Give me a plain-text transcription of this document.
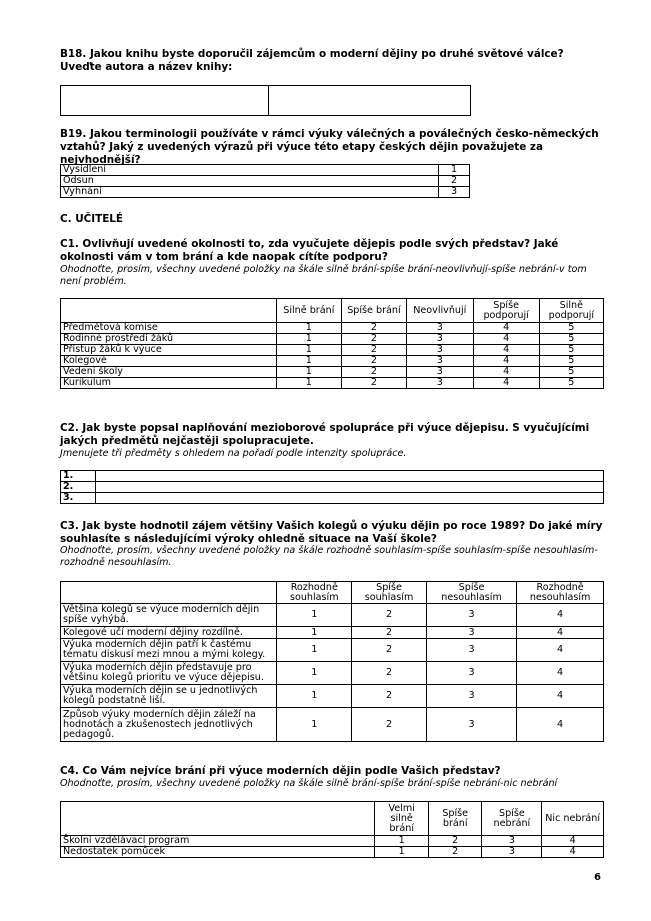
B18. Jakou knihu byste doporučil zájemcům o moderní dějiny po druhé světové válce? Uveďte autora a název knihy:

B19. Jakou terminologii používáte v rámci výuky válečných a poválečných česko-německých vztahů? Jaký z uvedených výrazů při výuce této etapy českých dějin považujete za nejvhodnější?
Vysídlení	1
Odsun	2
Vyhnání	3
C. UČITELÉ
C1. Ovlivňují uvedené okolnosti to, zda vyučujete dějepis podle svých představ? Jaké okolnosti vám v tom brání a kde naopak cítíte podporu?
Ohodnoťte, prosím, všechny uvedené položky na škále silně brání-spíše brání-neovlivňují-spíše nebrání-v tom není problém.
	Silně brání	Spíše brání	Neovlivňují	Spíše podporují	Silně podporují
Předmětová komise	1	2	3	4	5
Rodinné prostředí žáků	1	2	3	4	5
Přístup žáků k výuce	1	2	3	4	5
Kolegové	1	2	3	4	5
Vedení školy	1	2	3	4	5
Kurikulum	1	2	3	4	5
C2. Jak byste popsal naplňování mezioborové spolupráce při výuce dějepisu. S vyučujícími jakých předmětů nejčastěji spolupracujete.
Jmenujete tři předměty s ohledem na pořadí podle intenzity spolupráce.
1.	
2.	
3.	
C3. Jak byste hodnotil zájem většiny Vašich kolegů o výuku dějin po roce 1989? Do jaké míry souhlasíte s následujícími výroky ohledně situace na Vaší škole?
Ohodnoťte, prosím, všechny uvedené položky na škále rozhodně souhlasím-spíše souhlasím-spíše nesouhlasím-rozhodně nesouhlasím.
	Rozhodně souhlasím	Spíše souhlasím	Spíše nesouhlasím	Rozhodně nesouhlasím
Většina kolegů se výuce moderních dějin spíše vyhýbá.	1	2	3	4
Kolegové učí moderní dějiny rozdílně.	1	2	3	4
Výuka moderních dějin patří k častému tématu diskusí mezi mnou a mými kolegy.	1	2	3	4
Výuka moderních dějin představuje pro většinu kolegů prioritu ve výuce dějepisu.	1	2	3	4
Výuka moderních dějin se u jednotlivých kolegů podstatně liší.	1	2	3	4
Způsob výuky moderních dějin záleží na hodnotách a zkušenostech jednotlivých pedagogů.	1	2	3	4
C4. Co Vám nejvíce brání při výuce moderních dějin podle Vašich představ?
Ohodnoťte, prosím, všechny uvedené položky na škále silně brání-spíše brání-spíše nebrání-nic nebrání
	Velmi silně brání	Spíše brání	Spíše nebrání	Nic nebrání
Školní vzdělávací program	1	2	3	4
Nedostatek pomůcek	1	2	3	4
6
